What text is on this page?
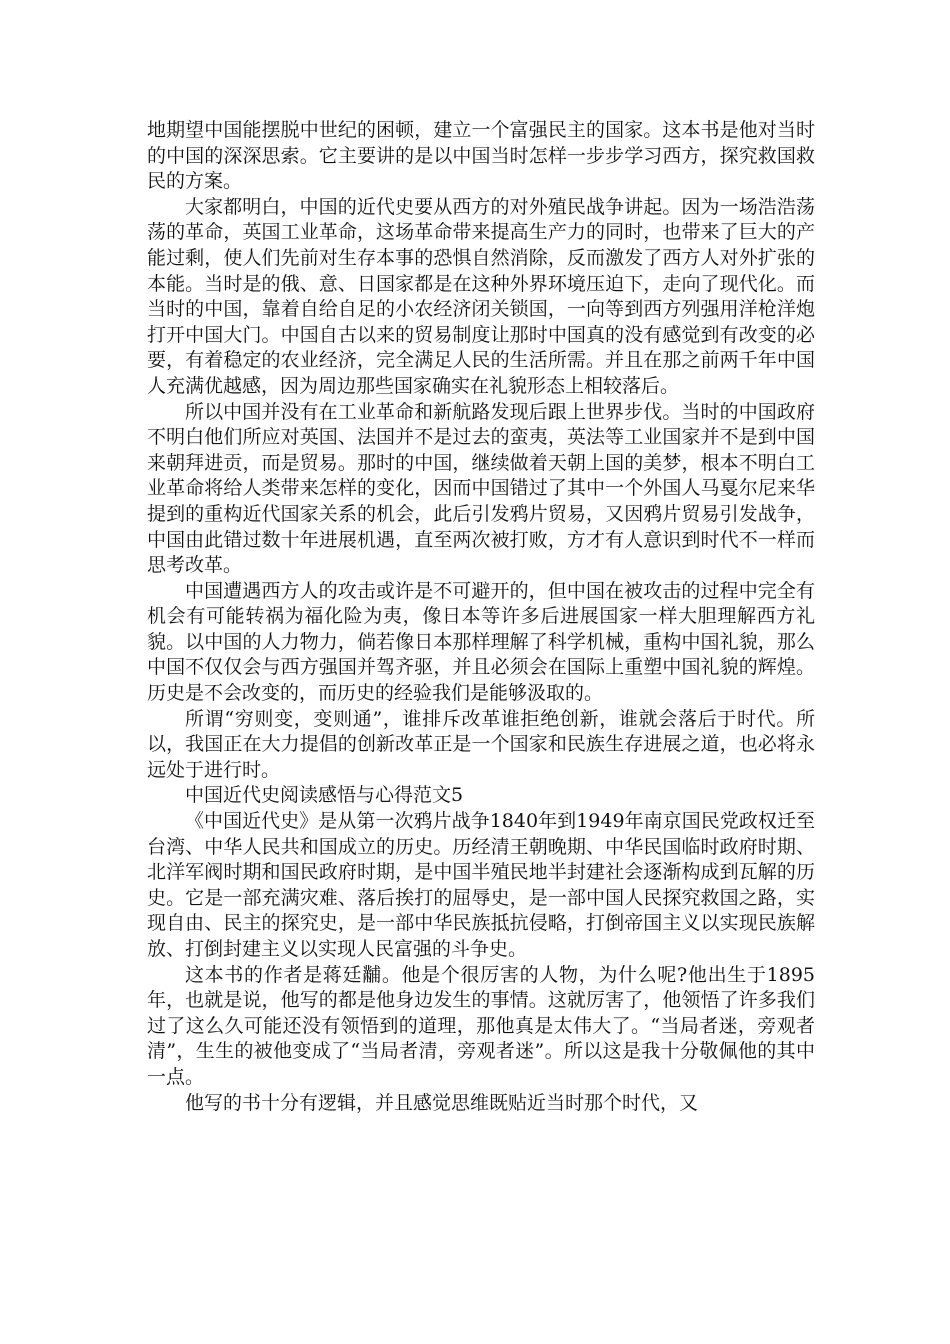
地期望中国能摆脱中世纪的困顿，建立一个富强民主的国家。这本书是他对当时的中国的深深思索。它主要讲的是以中国当时怎样一步步学习西方，探究救国救民的方案。

大家都明白，中国的近代史要从西方的对外殖民战争讲起。因为一场浩浩荡荡的革命，英国工业革命，这场革命带来提高生产力的同时，也带来了巨大的产能过剩，使人们先前对生存本事的恐惧自然消除，反而激发了西方人对外扩张的本能。当时是的俄、意、日国家都是在这种外界环境压迫下，走向了现代化。而当时的中国，靠着自给自足的小农经济闭关锁国，一向等到西方列强用洋枪洋炮打开中国大门。中国自古以来的贸易制度让那时中国真的没有感觉到有改变的必要，有着稳定的农业经济，完全满足人民的生活所需。并且在那之前两千年中国人充满优越感，因为周边那些国家确实在礼貌形态上相较落后。

所以中国并没有在工业革命和新航路发现后跟上世界步伐。当时的中国政府不明白他们所应对英国、法国并不是过去的蛮夷，英法等工业国家并不是到中国来朝拜进贡，而是贸易。那时的中国，继续做着天朝上国的美梦，根本不明白工业革命将给人类带来怎样的变化，因而中国错过了其中一个外国人马戛尔尼来华提到的重构近代国家关系的机会，此后引发鸦片贸易，又因鸦片贸易引发战争，中国由此错过数十年进展机遇，直至两次被打败，方才有人意识到时代不一样而思考改革。

中国遭遇西方人的攻击或许是不可避开的，但中国在被攻击的过程中完全有机会有可能转祸为福化险为夷，像日本等许多后进展国家一样大胆理解西方礼貌。以中国的人力物力，倘若像日本那样理解了科学机械，重构中国礼貌，那么中国不仅仅会与西方强国并驾齐驱，并且必须会在国际上重塑中国礼貌的辉煌。历史是不会改变的，而历史的经验我们是能够汲取的。

所谓“穷则变，变则通”，谁排斥改革谁拒绝创新，谁就会落后于时代。所以，我国正在大力提倡的创新改革正是一个国家和民族生存进展之道，也必将永远处于进行时。

中国近代史阅读感悟与心得范文5

《中国近代史》是从第一次鸦片战争1840年到1949年南京国民党政权迁至台湾、中华人民共和国成立的历史。历经清王朝晚期、中华民国临时政府时期、北洋军阀时期和国民政府时期，是中国半殖民地半封建社会逐渐构成到瓦解的历史。它是一部充满灾难、落后挨打的屈辱史，是一部中国人民探究救国之路，实现自由、民主的探究史，是一部中华民族抵抗侵略，打倒帝国主义以实现民族解放、打倒封建主义以实现人民富强的斗争史。

这本书的作者是蒋廷黼。他是个很厉害的人物，为什么呢?他出生于1895年，也就是说，他写的都是他身边发生的事情。这就厉害了，他领悟了许多我们过了这么久可能还没有领悟到的道理，那他真是太伟大了。“当局者迷，旁观者清”，生生的被他变成了“当局者清，旁观者迷”。所以这是我十分敬佩他的其中一点。

他写的书十分有逻辑，并且感觉思维既贴近当时那个时代，又
